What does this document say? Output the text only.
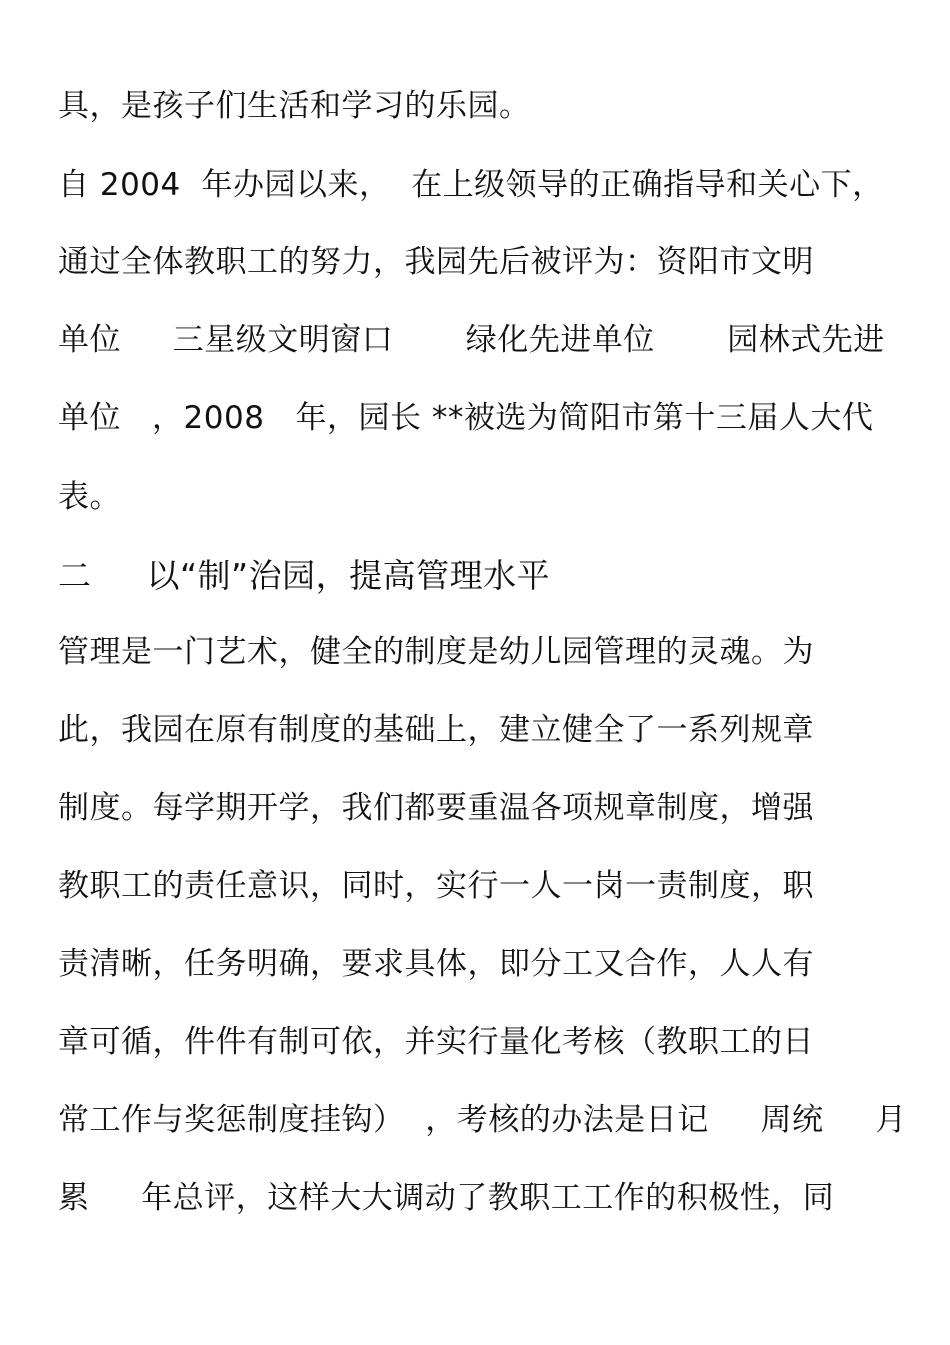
具，是孩子们生活和学习的乐园。
自 2004  年办园以来，  在上级领导的正确指导和关心下，
通过全体教职工的努力，我园先后被评为：资阳市文明
单位     三星级文明窗口       绿化先进单位       园林式先进
单位   ，2008   年，园长 **被选为简阳市第十三届人大代
表。
二     以“制”治园，提高管理水平
管理是一门艺术，健全的制度是幼儿园管理的灵魂。为
此，我园在原有制度的基础上，建立健全了一系列规章
制度。每学期开学，我们都要重温各项规章制度，增强
教职工的责任意识，同时，实行一人一岗一责制度，职
责清晰，任务明确，要求具体，即分工又合作，人人有
章可循，件件有制可依，并实行量化考核（教职工的日
常工作与奖惩制度挂钩）  ，考核的办法是日记     周统     月
累     年总评，这样大大调动了教职工工作的积极性，同
